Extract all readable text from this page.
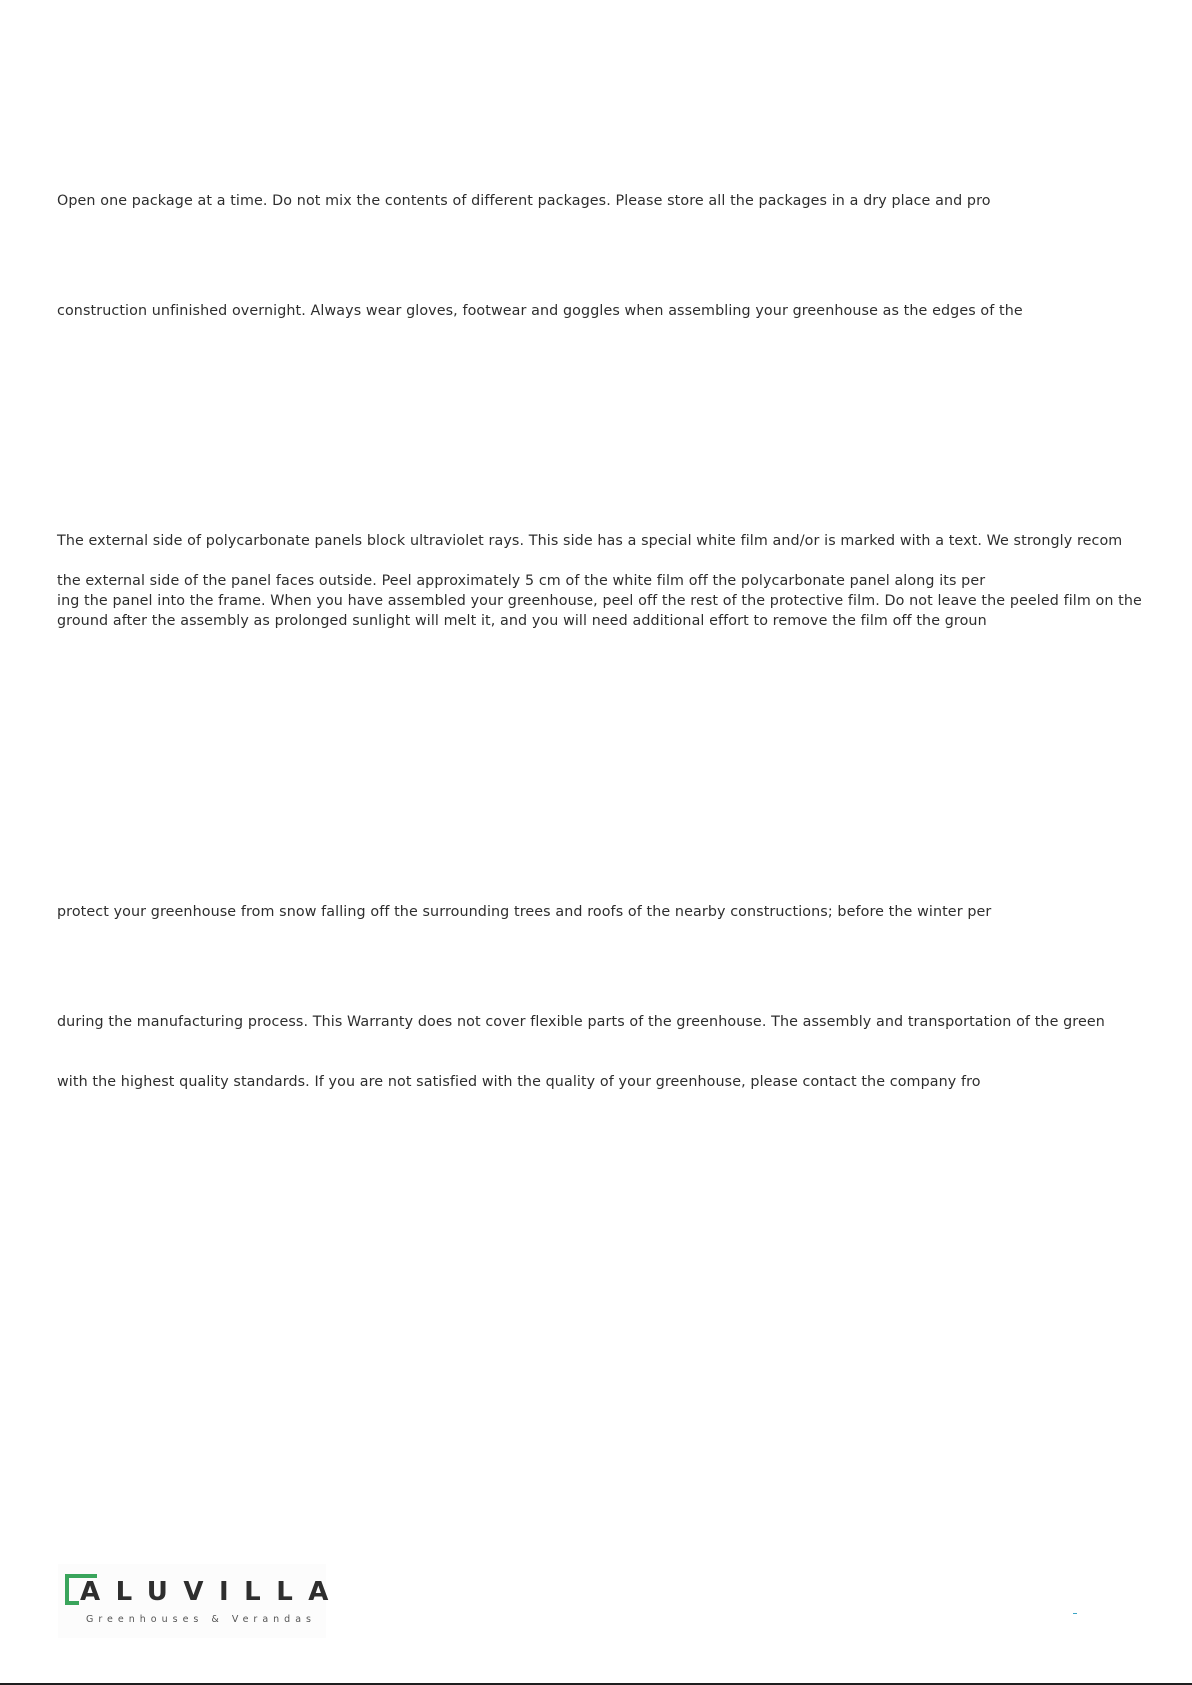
Open one package at a time. Do not mix the contents of different packages. Please store all the packages in a dry place and pro
construction unfinished overnight. Always wear gloves, footwear and goggles when assembling your greenhouse as the edges of the
The external side of polycarbonate panels block ultraviolet rays. This side has a special white film and/or is marked with a text. We strongly recom
the external side of the panel faces outside. Peel approximately 5 cm of the white film off the polycarbonate panel along its per
ing the panel into the frame. When you have assembled your greenhouse, peel off the rest of the protective film. Do not leave the peeled film on the
ground after the assembly as prolonged sunlight will melt it, and you will need additional effort to remove the film off the groun
protect your greenhouse from snow falling off the surrounding trees and roofs of the nearby constructions; before the winter per
during the manufacturing process. This Warranty does not cover flexible parts of the greenhouse. The assembly and transportation of the green
with the highest quality standards. If you are not satisfied with the quality of your greenhouse, please contact the company fro
ALUVILLA
Greenhouses & Verandas
